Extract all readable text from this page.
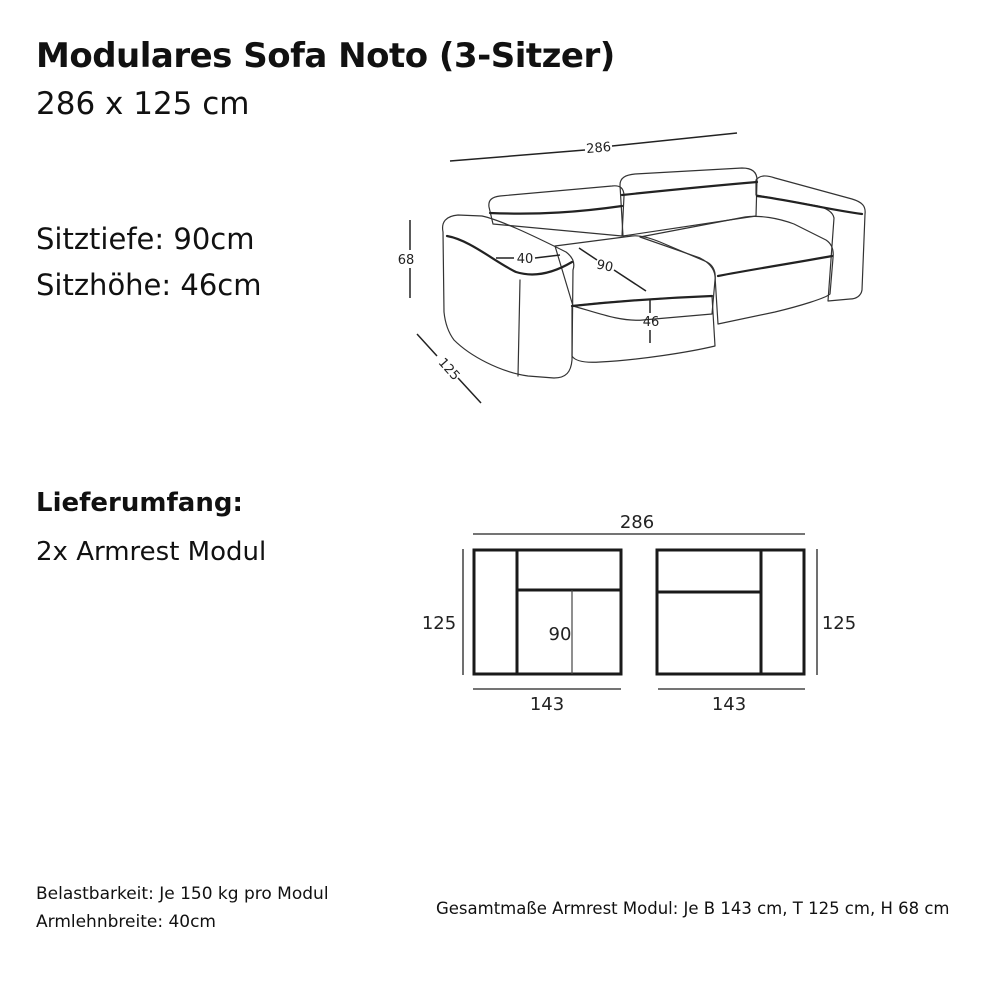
Modulares Sofa Noto (3-Sitzer)
286 x 125 cm
Sitztiefe: 90cm
Sitzhöhe: 46cm
Lieferumfang:
2x Armrest Modul
286
68
125
40	90
46
286
125	125
90
143	143
Belastbarkeit: Je 150 kg pro Modul
Armlehnbreite: 40cm
Gesamtmaße Armrest Modul: Je B 143 cm, T 125 cm, H 68 cm
